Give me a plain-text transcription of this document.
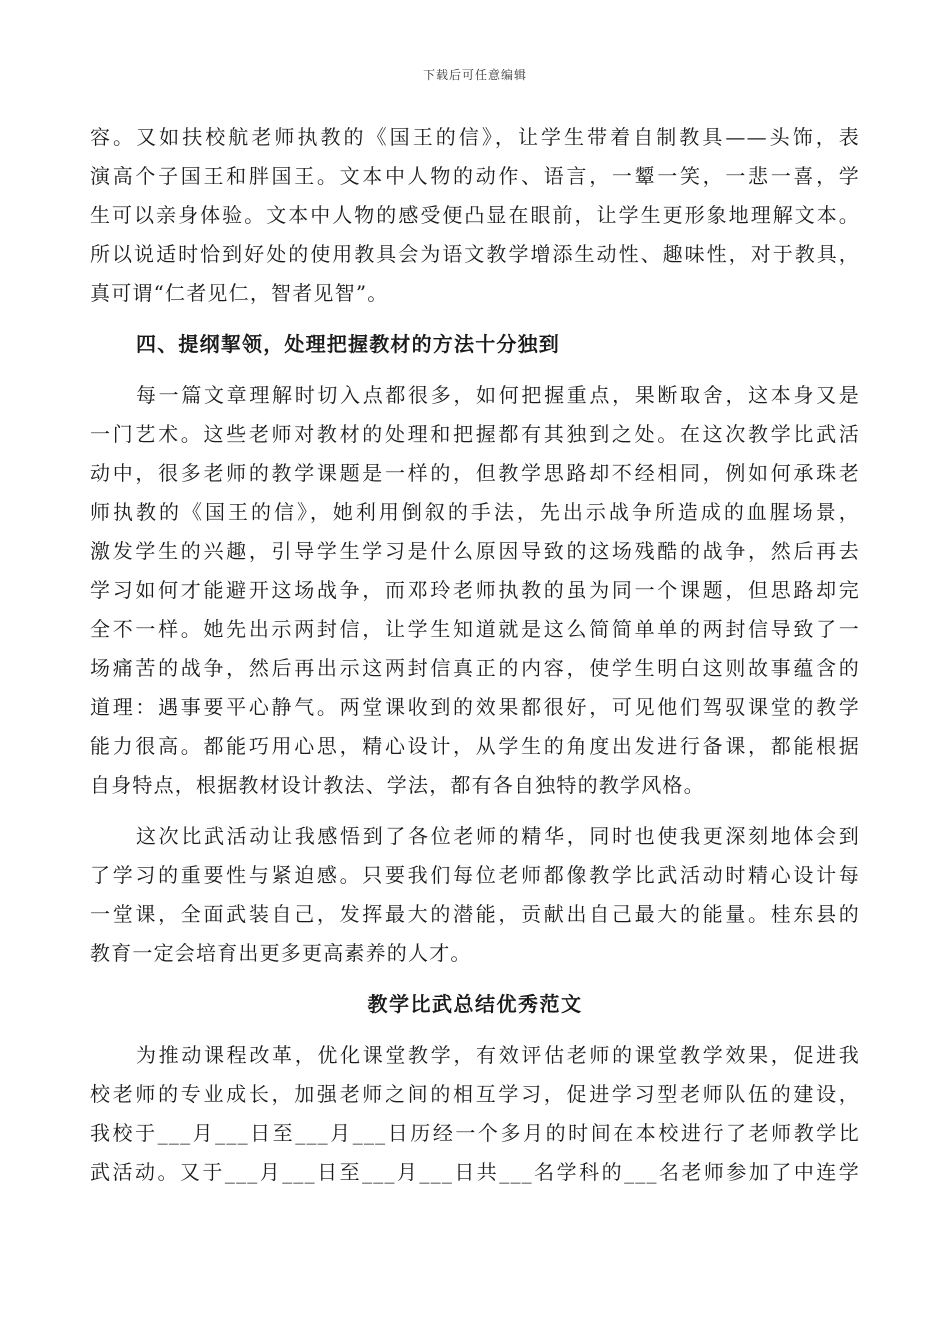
下载后可任意编辑
容。又如扶校航老师执教的《国王的信》，让学生带着自制教具——头饰，表
演高个子国王和胖国王。文本中人物的动作、语言，一颦一笑，一悲一喜，学
生可以亲身体验。文本中人物的感受便凸显在眼前，让学生更形象地理解文本。
所以说适时恰到好处的使用教具会为语文教学增添生动性、趣味性，对于教具，
真可谓“仁者见仁，智者见智”。
四、提纲挈领，处理把握教材的方法十分独到
每一篇文章理解时切入点都很多，如何把握重点，果断取舍，这本身又是
一门艺术。这些老师对教材的处理和把握都有其独到之处。在这次教学比武活
动中，很多老师的教学课题是一样的，但教学思路却不经相同，例如何承珠老
师执教的《国王的信》，她利用倒叙的手法，先出示战争所造成的血腥场景，
激发学生的兴趣，引导学生学习是什么原因导致的这场残酷的战争，然后再去
学习如何才能避开这场战争，而邓玲老师执教的虽为同一个课题，但思路却完
全不一样。她先出示两封信，让学生知道就是这么简简单单的两封信导致了一
场痛苦的战争，然后再出示这两封信真正的内容，使学生明白这则故事蕴含的
道理：遇事要平心静气。两堂课收到的效果都很好，可见他们驾驭课堂的教学
能力很高。都能巧用心思，精心设计，从学生的角度出发进行备课，都能根据
自身特点，根据教材设计教法、学法，都有各自独特的教学风格。
这次比武活动让我感悟到了各位老师的精华，同时也使我更深刻地体会到
了学习的重要性与紧迫感。只要我们每位老师都像教学比武活动时精心设计每
一堂课，全面武装自己，发挥最大的潜能，贡献出自己最大的能量。桂东县的
教育一定会培育出更多更高素养的人才。
教学比武总结优秀范文
为推动课程改革，优化课堂教学，有效评估老师的课堂教学效果，促进我
校老师的专业成长，加强老师之间的相互学习，促进学习型老师队伍的建设，
我校于___月___日至___月___日历经一个多月的时间在本校进行了老师教学比
武活动。又于___月___日至___月___日共___名学科的___名老师参加了中连学
